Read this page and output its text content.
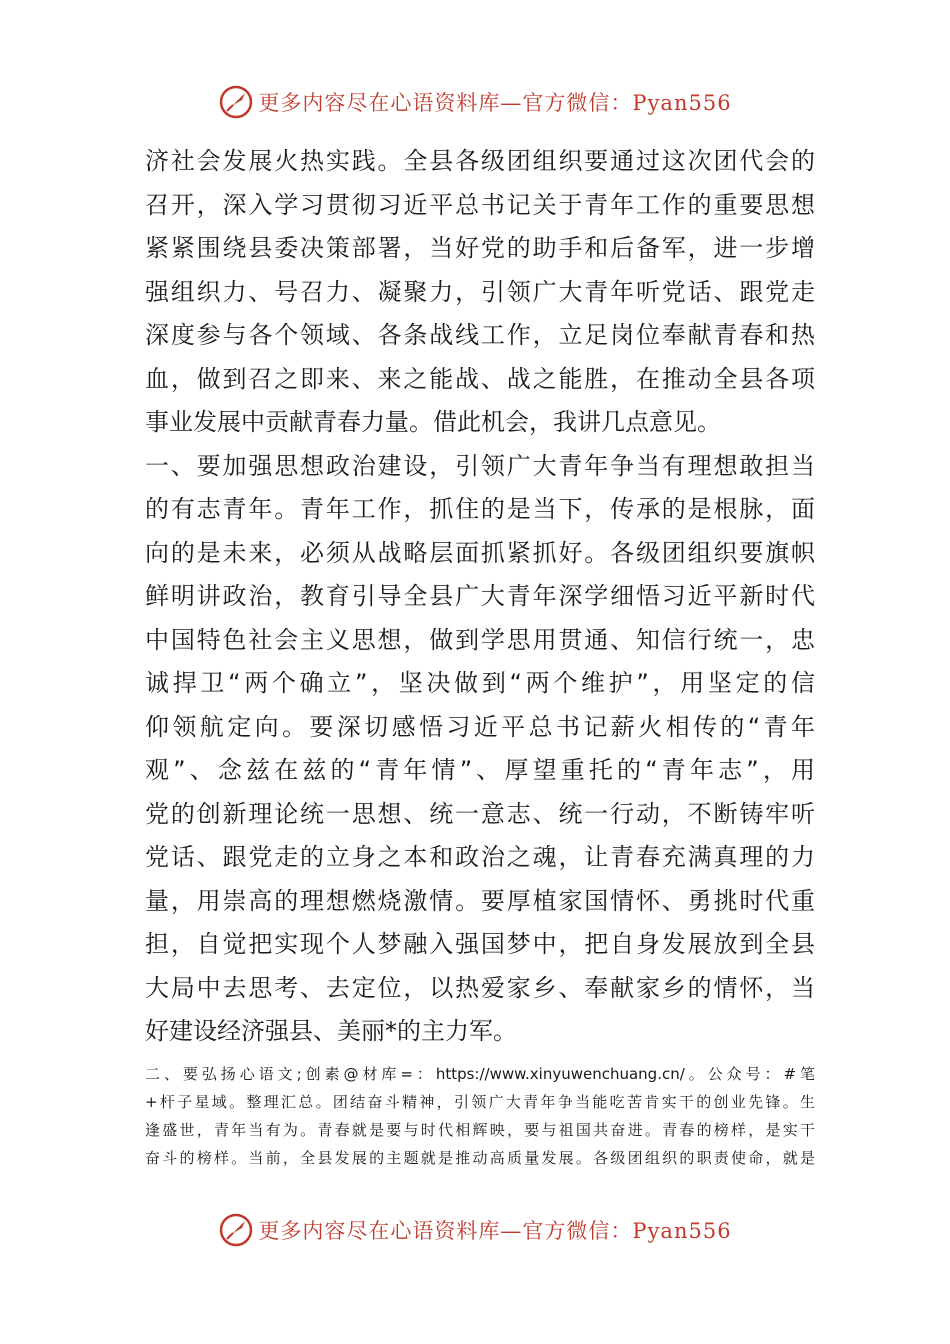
更多内容尽在心语资料库—官方微信：Pyan556
济社会发展火热实践。全县各级团组织要通过这次团代会的
召开，深入学习贯彻习近平总书记关于青年工作的重要思想
紧紧围绕县委决策部署，当好党的助手和后备军，进一步增
强组织力、号召力、凝聚力，引领广大青年听党话、跟党走
深度参与各个领域、各条战线工作，立足岗位奉献青春和热
血，做到召之即来、来之能战、战之能胜，在推动全县各项
事业发展中贡献青春力量。借此机会，我讲几点意见。
一、要加强思想政治建设，引领广大青年争当有理想敢担当
的有志青年。青年工作，抓住的是当下，传承的是根脉，面
向的是未来，必须从战略层面抓紧抓好。各级团组织要旗帜
鲜明讲政治，教育引导全县广大青年深学细悟习近平新时代
中国特色社会主义思想，做到学思用贯通、知信行统一，忠
诚捍卫“两个确立”，坚决做到“两个维护”，用坚定的信
仰领航定向。要深切感悟习近平总书记薪火相传的“青年
观”、念兹在兹的“青年情”、厚望重托的“青年志”，用
党的创新理论统一思想、统一意志、统一行动，不断铸牢听
党话、跟党走的立身之本和政治之魂，让青春充满真理的力
量，用崇高的理想燃烧激情。要厚植家国情怀、勇挑时代重
担，自觉把实现个人梦融入强国梦中，把自身发展放到全县
大局中去思考、去定位，以热爱家乡、奉献家乡的情怀，当
好建设经济强县、美丽*的主力军。
二、要弘扬心语文;创素@材库=：https://www.xinyuwenchuang.cn/。公众号：#笔
+杆子星域。整理汇总。团结奋斗精神，引领广大青年争当能吃苦肯实干的创业先锋。生
逢盛世，青年当有为。青春就是要与时代相辉映，要与祖国共奋进。青春的榜样，是实干
奋斗的榜样。当前，全县发展的主题就是推动高质量发展。各级团组织的职责使命，就是
更多内容尽在心语资料库—官方微信：Pyan556
